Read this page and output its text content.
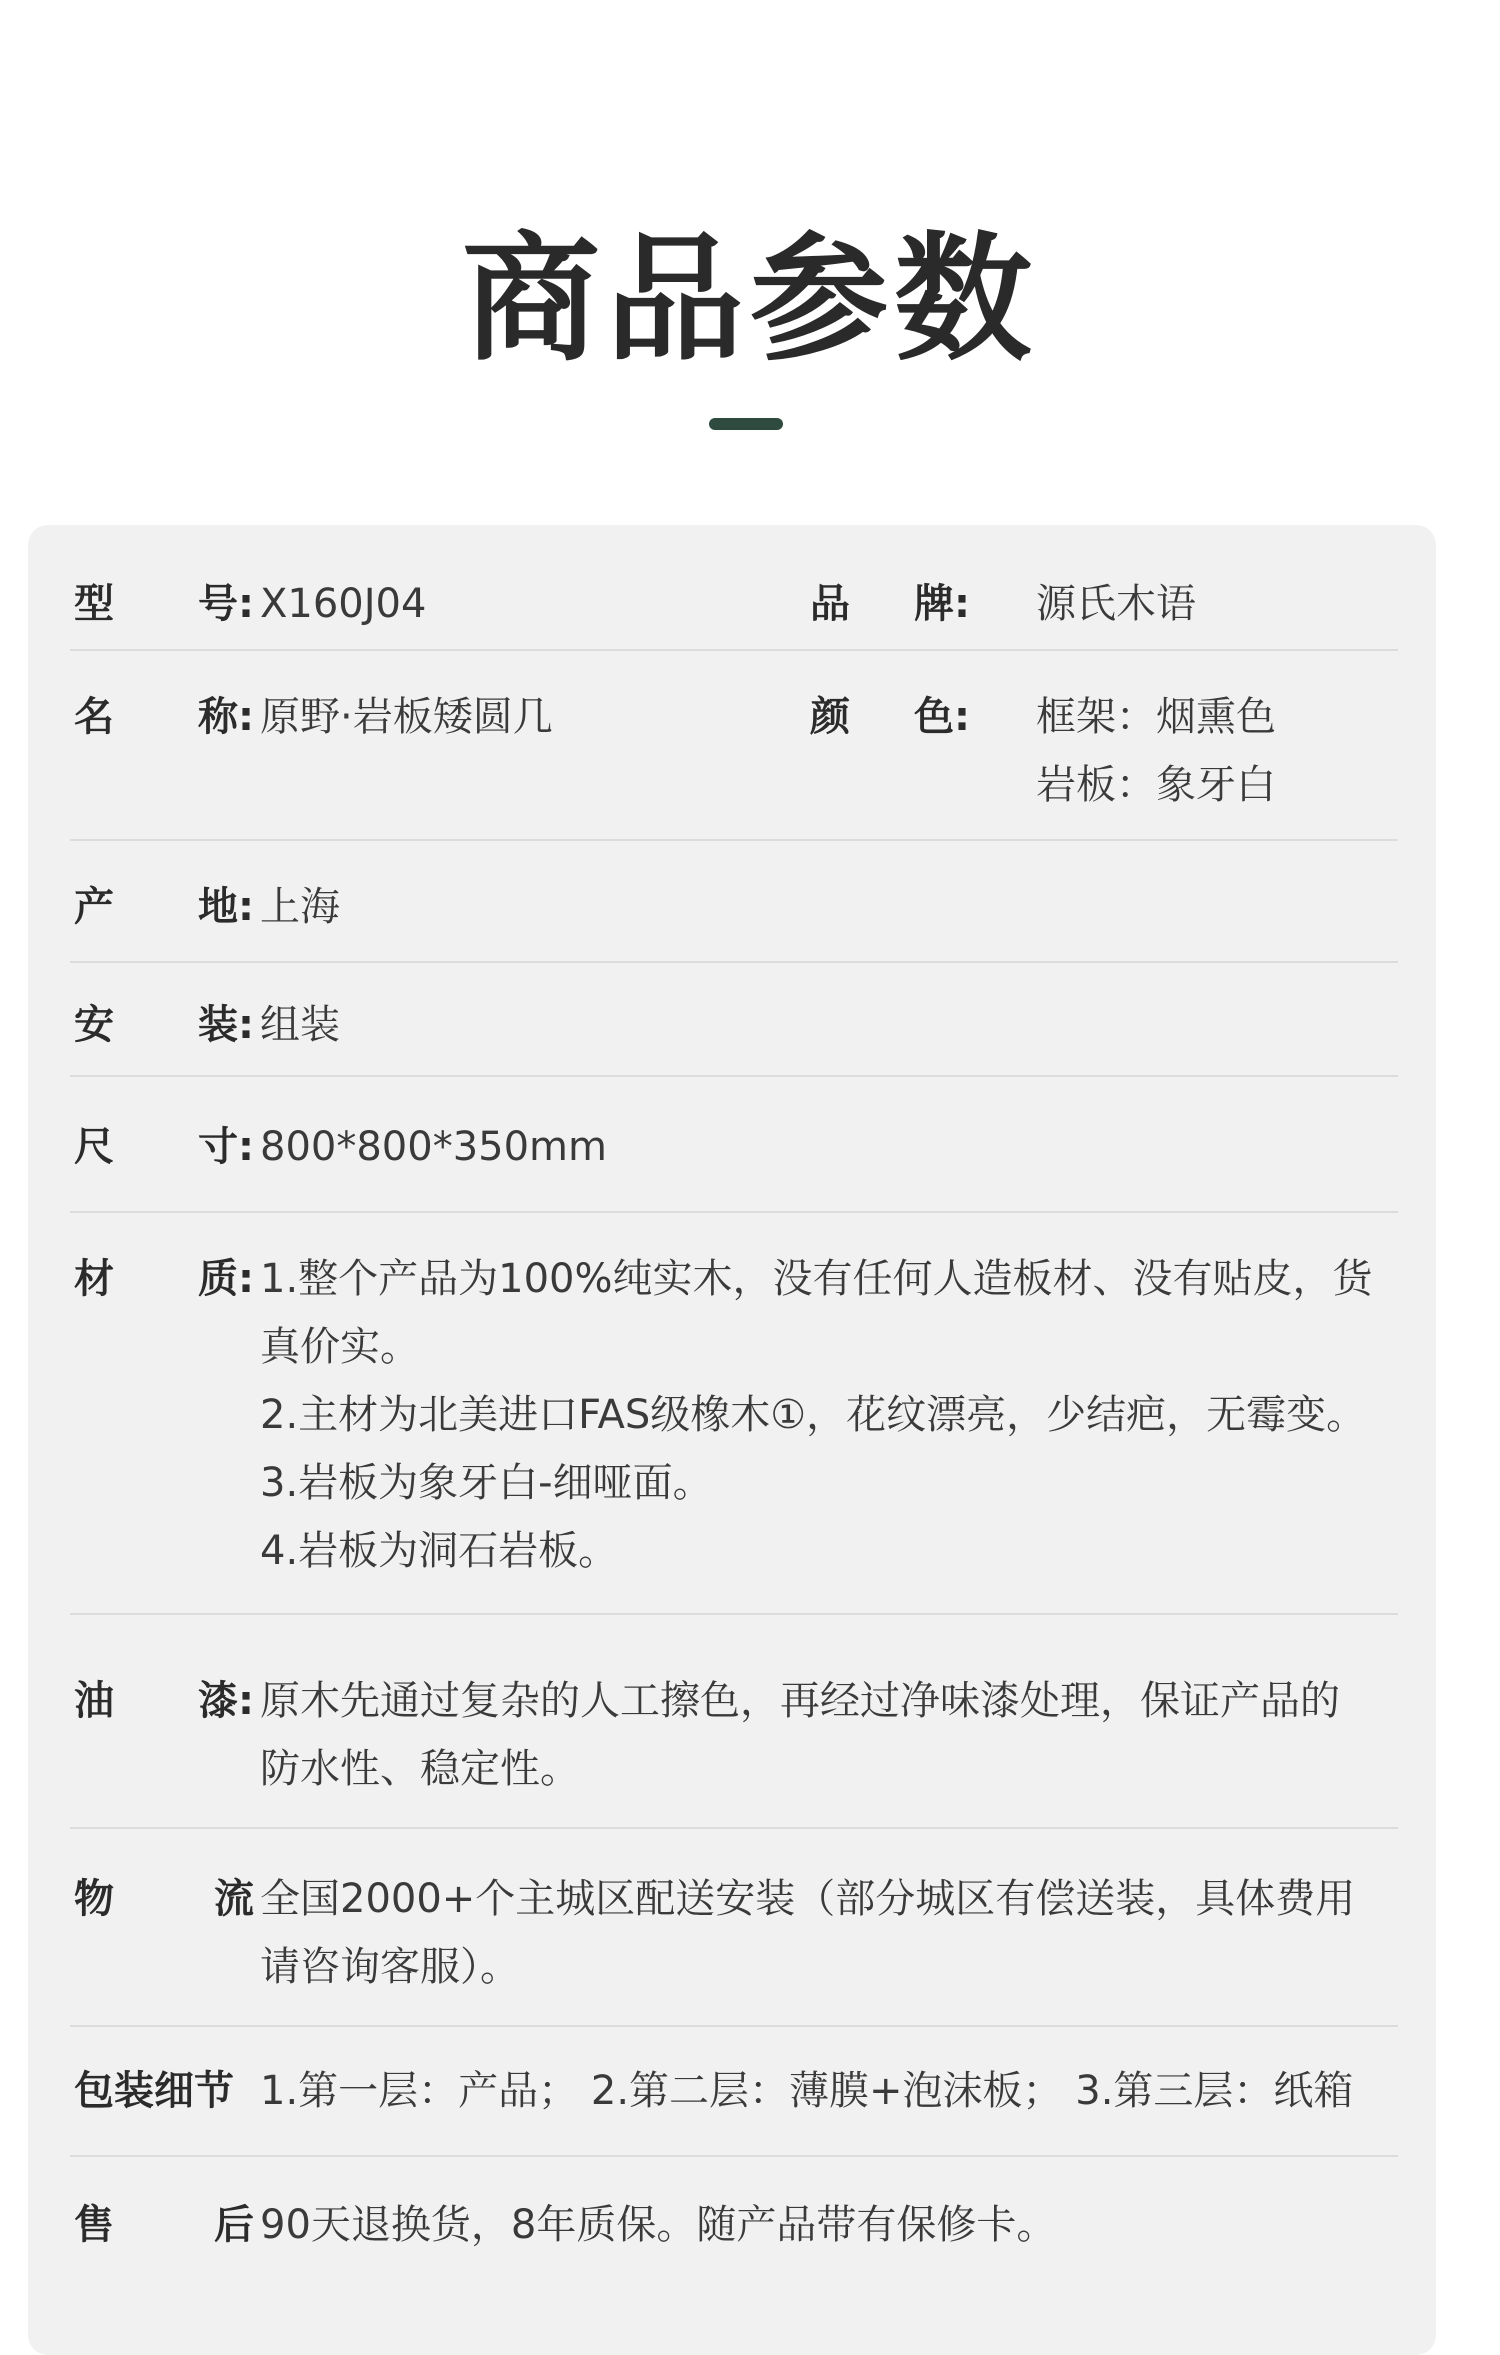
商品参数
型 号: X160J04	品 牌: 源氏木语
名 称: 原野·岩板矮圆几	颜 色: 框架：烟熏色
岩板：象牙白
产 地: 上海
安 装: 组装
尺 寸: 800*800*350mm
材 质: 1.整个产品为100%纯实木，没有任何人造板材、没有贴皮，货
真价实。
2.主材为北美进口FAS级橡木①，花纹漂亮，少结疤，无霉变。
3.岩板为象牙白-细哑面。
4.岩板为洞石岩板。
油 漆: 原木先通过复杂的人工擦色，再经过净味漆处理，保证产品的
防水性、稳定性。
物	流 全国2000+个主城区配送安装（部分城区有偿送装，具体费用
请咨询客服）。
包装细节 1.第一层：产品； 2.第二层：薄膜+泡沫板； 3.第三层：纸箱
售	后 90天退换货，8年质保。随产品带有保修卡。
